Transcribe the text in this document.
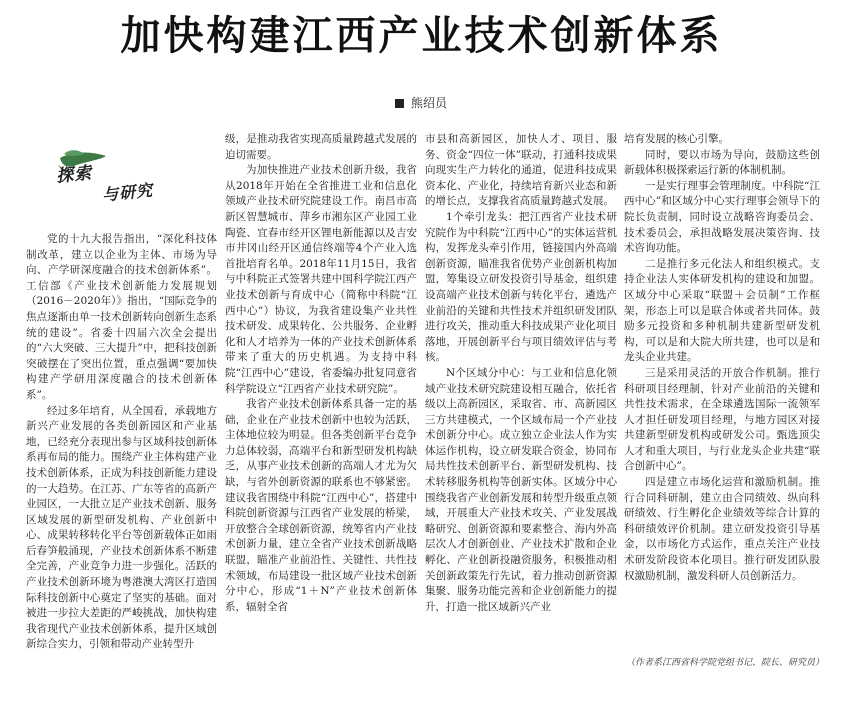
加快构建江西产业技术创新体系
熊绍员
探索
与研究

党的十九大报告指出，“深化科技体制改革，建立以企业为主体、市场为导向、产学研深度融合的技术创新体系”。工信部《产业技术创新能力发展规划（2016－2020年）》指出，“国际竞争的焦点逐渐由单一技术创新转向创新生态系统的建设”。省委十四届六次全会提出的“六大突破、三大提升”中，把科技创新突破摆在了突出位置，重点强调“要加快构建产学研用深度融合的技术创新体系”。

经过多年培育，从全国看，承载地方新兴产业发展的各类创新园区和产业基地，已经充分表现出参与区域科技创新体系再布局的能力。围绕产业主体构建产业技术创新体系，正成为科技创新能力建设的一大趋势。在江苏、广东等省的高新产业园区，一大批立足产业技术创新、服务区域发展的新型研发机构、产业创新中心、成果转移转化平台等创新载体正如雨后春笋般涌现，产业技术创新体系不断建全完善，产业竞争力进一步强化。活跃的产业技术创新环境为粤港澳大湾区打造国际科技创新中心奠定了坚实的基础。面对被进一步拉大差距的严峻挑战，加快构建我省现代产业技术创新体系，提升区域创新综合实力，引领和带动产业转型升

级，是推动我省实现高质量跨越式发展的迫切需要。

为加快推进产业技术创新升级，我省从2018年开始在全省推进工业和信息化领域产业技术研究院建设工作。南昌市高新区智慧城市、萍乡市湘东区产业园工业陶瓷、宜春市经开区锂电新能源以及吉安市井冈山经开区通信终端等4个产业入选首批培育名单。2018年11月15日，我省与中科院正式签署共建中国科学院江西产业技术创新与育成中心（简称中科院“江西中心”）协议，为我省建设集产业共性技术研发、成果转化、公共服务、企业孵化和人才培养为一体的产业技术创新体系带来了重大的历史机遇。为支持中科院“江西中心”建设，省委编办批复同意省科学院设立“江西省产业技术研究院”。

我省产业技术创新体系具备一定的基础，企业在产业技术创新中也较为活跃，主体地位较为明显。但各类创新平台竞争力总体较弱，高端平台和新型研发机构缺乏，从事产业技术创新的高端人才尤为欠缺，与省外创新资源的联系也不够紧密。建议我省围绕中科院“江西中心”，搭建中科院创新资源与江西省产业发展的桥梁，开放整合全球创新资源，统筹省内产业技术创新力量，建立全省产业技术创新战略联盟，瞄准产业前沿性、关键性、共性技术领域，布局建设一批区域产业技术创新分中心，形成“1＋N”产业技术创新体系，辐射全省

市县和高新园区，加快人才、项目、服务、资金“四位一体”联动，打通科技成果向现实生产力转化的通道，促进科技成果资本化、产业化，持续培育新兴业态和新的增长点，支撑我省高质量跨越式发展。

1个牵引龙头：把江西省产业技术研究院作为中科院“江西中心”的实体运营机构，发挥龙头牵引作用，链接国内外高端创新资源，瞄准我省优势产业创新机构加盟，筹集设立研发投资引导基金，组织建设高端产业技术创新与转化平台，遴选产业前沿的关键和共性技术并组织研发团队进行攻关，推动重大科技成果产业化项目落地，开展创新平台与项目绩效评估与考核。

N个区域分中心：与工业和信息化领域产业技术研究院建设相互融合，依托省级以上高新园区，采取省、市、高新园区三方共建模式，一个区域布局一个产业技术创新分中心。成立独立企业法人作为实体运作机构，设立研发联合资金，协同布局共性技术创新平台、新型研发机构、技术转移服务机构等创新实体。区域分中心围绕我省产业创新发展和转型升级重点领域，开展重大产业技术攻关、产业发展战略研究、创新资源和要素整合、海内外高层次人才创新创业、产业技术扩散和企业孵化、产业创新投融资服务，积极推动相关创新政策先行先试，着力推动创新资源集聚、服务功能完善和企业创新能力的提升，打造一批区域新兴产业

培育发展的核心引擎。

同时，要以市场为导向，鼓励这些创新载体积极探索运行新的体制机制。

一是实行理事会管理制度。中科院“江西中心”和区域分中心实行理事会领导下的院长负责制，同时设立战略咨询委员会、技术委员会，承担战略发展决策咨询、技术咨询功能。

二是推行多元化法人和组织模式。支持企业法人实体研发机构的建设和加盟。区域分中心采取“联盟＋会员制”工作框架，形态上可以是联合体或者共同体。鼓励多元投资和多种机制共建新型研发机构，可以是和大院大所共建，也可以是和龙头企业共建。

三是采用灵活的开放合作机制。推行科研项目经理制，针对产业前沿的关键和共性技术需求，在全球遴选国际一流领军人才担任研发项目经理，与地方园区对接共建新型研发机构或研发公司。甄选顶尖人才和重大项目，与行业龙头企业共建“联合创新中心”。

四是建立市场化运营和激励机制。推行合同科研制，建立由合同绩效、纵向科研绩效、行生孵化企业绩效等综合计算的科研绩效评价机制。建立研发投资引导基金，以市场化方式运作，重点关注产业技术研发阶段资本化项目。推行研发团队股权激励机制，激发科研人员创新活力。

（作者系江西省科学院党组书记、院长、研究员）
